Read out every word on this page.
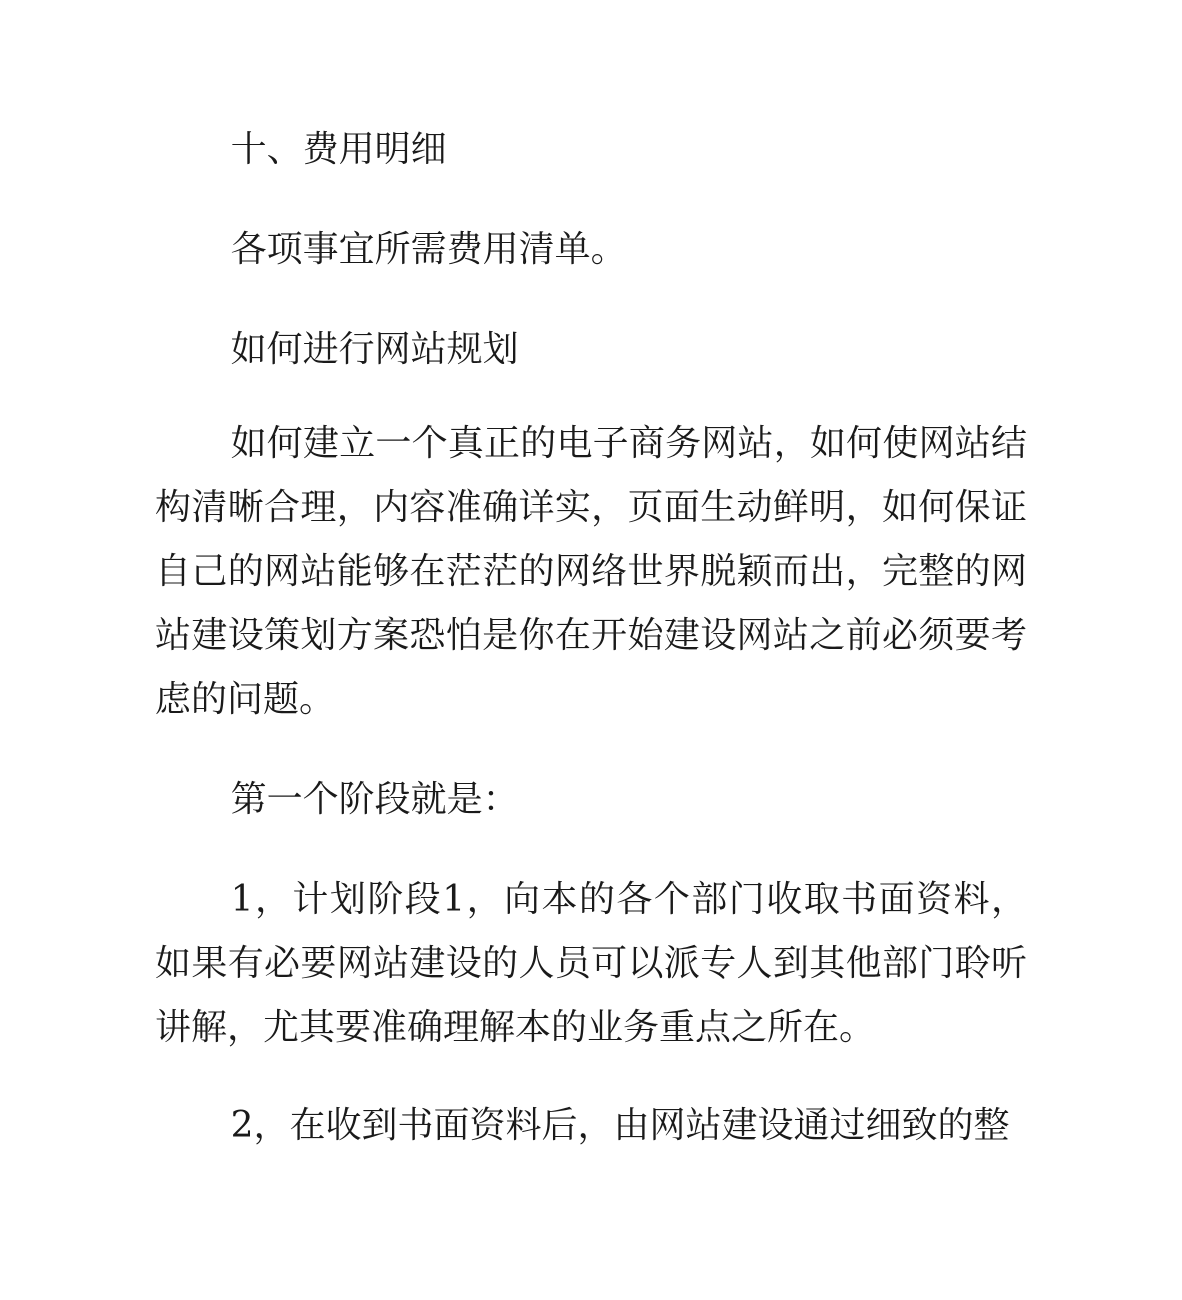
十、费用明细

各项事宜所需费用清单。

如何进行网站规划

如何建立一个真正的电子商务网站，如何使网站结构清晰合理，内容准确详实，页面生动鲜明，如何保证自己的网站能够在茫茫的网络世界脱颖而出，完整的网站建设策划方案恐怕是你在开始建设网站之前必须要考虑的问题。

第一个阶段就是：

1，计划阶段1，向本的各个部门收取书面资料，如果有必要网站建设的人员可以派专人到其他部门聆听讲解，尤其要准确理解本的业务重点之所在。

2，在收到书面资料后，由网站建设通过细致的整
